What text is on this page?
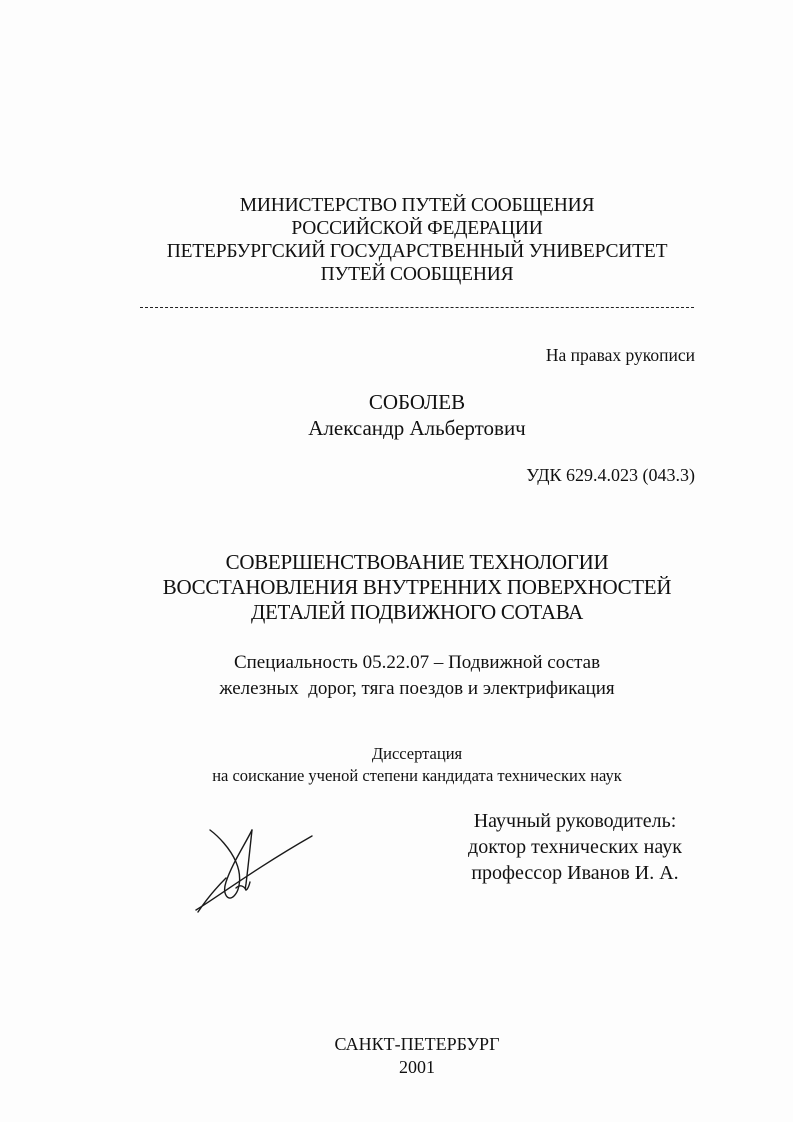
МИНИСТЕРСТВО ПУТЕЙ СООБЩЕНИЯ
РОССИЙСКОЙ ФЕДЕРАЦИИ
ПЕТЕРБУРГСКИЙ ГОСУДАРСТВЕННЫЙ УНИВЕРСИТЕТ
ПУТЕЙ СООБЩЕНИЯ
На правах рукописи
СОБОЛЕВ
Александр Альбертович
УДК 629.4.023 (043.3)
СОВЕРШЕНСТВОВАНИЕ ТЕХНОЛОГИИ
ВОССТАНОВЛЕНИЯ ВНУТРЕННИХ ПОВЕРХНОСТЕЙ
ДЕТАЛЕЙ ПОДВИЖНОГО СОТАВА
Специальность 05.22.07 – Подвижной состав
железных  дорог, тяга поездов и электрификация
Диссертация
на соискание ученой степени кандидата технических наук
Научный руководитель:
доктор технических наук
профессор Иванов И. А.
САНКТ-ПЕТЕРБУРГ
2001
